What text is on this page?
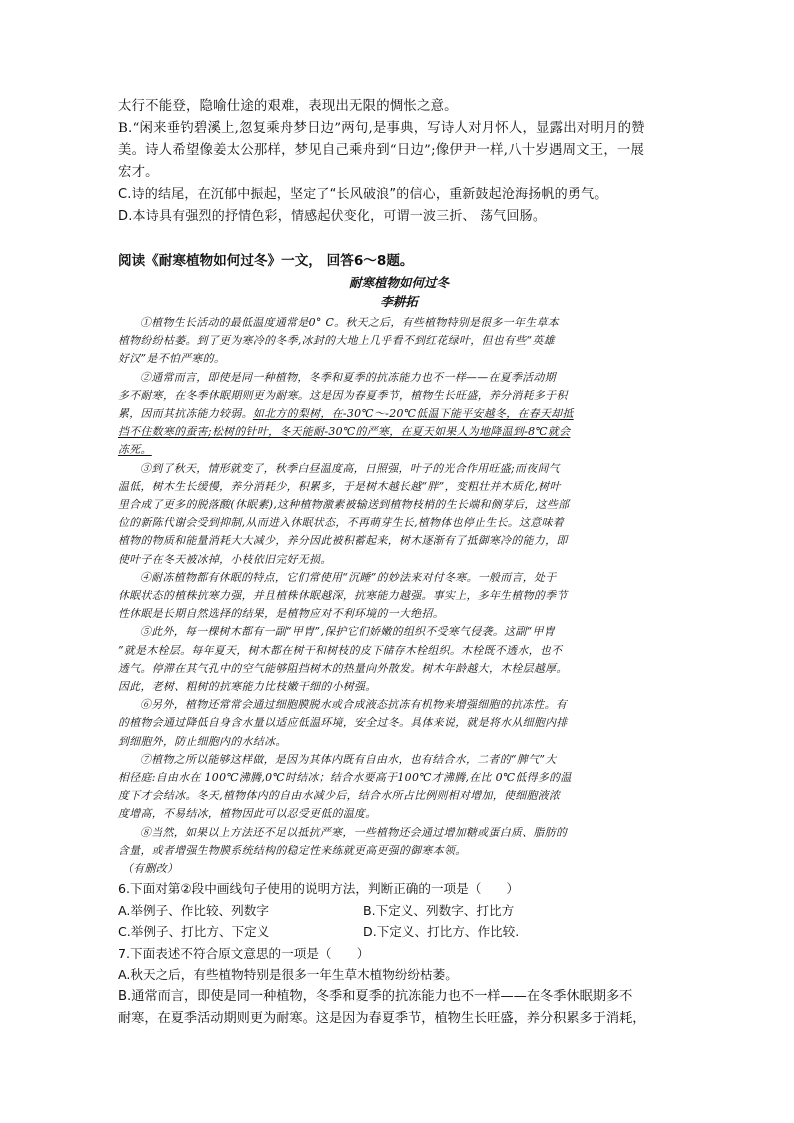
太行不能登，隐喻仕途的艰难，表现出无限的惆怅之意。
B.“闲来垂钓碧溪上,忽复乘舟梦日边”两句,是事典，写诗人对月怀人，显露出对明月的赞
美。诗人希望像姜太公那样，梦见自己乘舟到“日边”;像伊尹一样,八十岁遇周文王，一展
宏才。
C.诗的结尾，在沉郁中振起，坚定了“长风破浪”的信心，重新鼓起沧海扬帆的勇气。
D.本诗具有强烈的抒情色彩，情感起伏变化，可谓一波三折、 荡气回肠。
阅读《耐寒植物如何过冬》一文， 回答6～8题。
耐寒植物如何过冬
李耕拓
①植物生长活动的最低温度通常是0° C。秋天之后，有些植物特别是很多一年生草本
植物纷纷枯萎。到了更为寒冷的冬季,冰封的大地上几乎看不到红花绿叶，但也有些“英雄
好汉”是不怕严寒的。
②通常而言，即使是同一种植物，冬季和夏季的抗冻能力也不一样——在夏季活动期
多不耐寒，在冬季休眠期则更为耐寒。这是因为春夏季节，植物生长旺盛，养分消耗多于积
累，因而其抗冻能力较弱。如北方的梨树，在-30℃～-20℃低温下能平安越冬，在春天却抵
挡不住数寒的蚕害;松树的针叶，冬天能耐-30℃的严寒，在夏天如果人为地降温到-8℃就会
冻死。
③到了秋天，情形就变了，秋季白昼温度高，日照强，叶子的光合作用旺盛;而夜间气
温低，树木生长缓慢，养分消耗少，积累多，于是树木越长越“胖”，变粗壮并木质化,树叶
里合成了更多的脱落酸(休眠素),这种植物激素被输送到植物枝梢的生长端和侧芽后，这些部
位的新陈代谢会受到抑制,从而进入休眠状态，不再萌芽生长,植物体也停止生长。这意味着
植物的物质和能量消耗大大减少，养分因此被积蓄起来，树木逐渐有了抵御寒冷的能力，即
使叶子在冬天被冰掉，小枝依旧完好无损。
④耐冻植物都有休眠的特点，它们常使用“沉睡”的妙法来对付冬寒。一般而言，处于
休眠状态的植株抗寒力强，并且植株休眠越深，抗寒能力越强。事实上，多年生植物的季节
性休眠是长期自然选择的结果，是植物应对不利环境的一大绝招。
⑤此外，每一棵树木都有一副“甲胄”,保护它们娇嫩的组织不受寒气侵袭。这副“甲胄
”就是木栓层。每年夏天，树木都在树干和树枝的皮下储存木栓组织。木栓既不透水，也不
透气。停滞在其气孔中的空气能够阻挡树木的热量向外散发。树木年龄越大，木栓层越厚。
因此，老树、粗树的抗寒能力比枝嫩干细的小树强。
⑥另外，植物还常常会通过细胞膜脱水或合成液态抗冻有机物来增强细胞的抗冻性。有
的植物会通过降低自身含水量以适应低温环境，安全过冬。具体来说，就是将水从细胞内排
到细胞外，防止细胞内的水结冰。
⑦植物之所以能够这样做，是因为其体内既有自由水，也有结合水，二者的“脾气”大
相径庭:自由水在 100℃沸腾,0℃时结冰；结合水要高于100℃才沸腾,在比 0℃低得多的温
度下才会结冰。冬天,植物体内的自由水减少后，结合水所占比例则相对增加，使细胞液浓
度增高，不易结冰，植物因此可以忍受更低的温度。
⑧当然，如果以上方法还不足以抵抗严寒，一些植物还会通过增加糖或蛋白质、脂肪的
含量，或者增强生物膜系统结构的稳定性来练就更高更强的御寒本领。
（有删改）
6.下面对第②段中画线句子使用的说明方法，判断正确的一项是（　　）
A.举例子、作比较、列数字	B.下定义、列数字、打比方
C.举例子、打比方、下定义	D.下定义、打比方、作比较.
7.下面表述不符合原文意思的一项是（　　）
A.秋天之后，有些植物特别是很多一年生草木植物纷纷枯萎。
B.通常而言，即使是同一种植物，冬季和夏季的抗冻能力也不一样——在冬季休眠期多不
耐寒，在夏季活动期则更为耐寒。这是因为春夏季节，植物生长旺盛，养分积累多于消耗，
